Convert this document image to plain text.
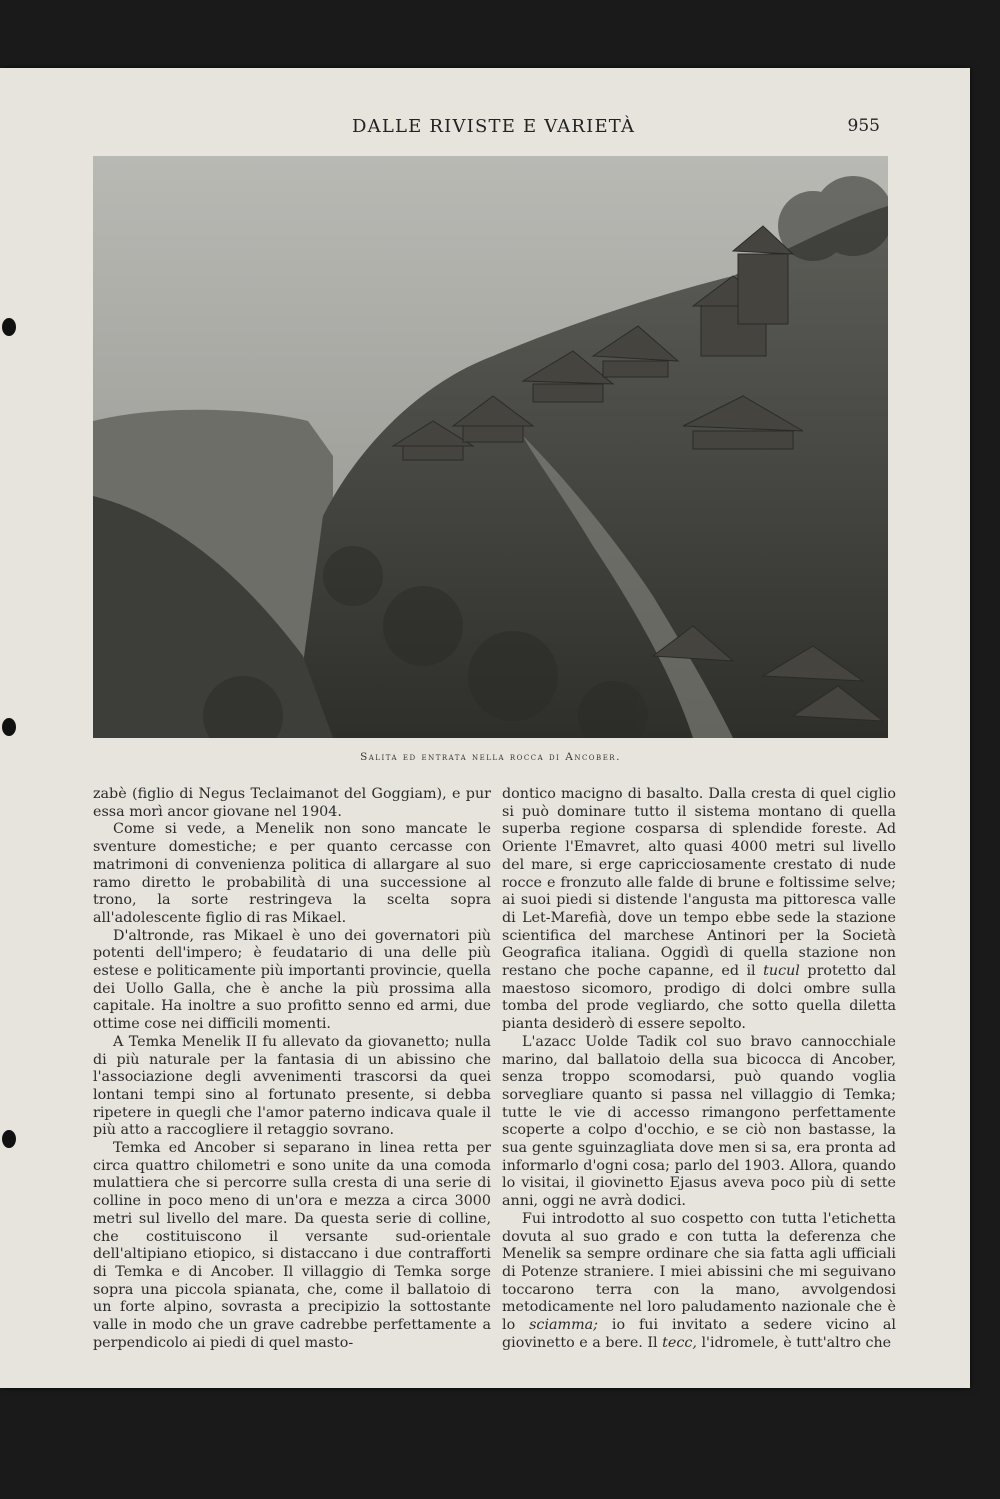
DALLE RIVISTE E VARIETÀ	955
Salita ed entrata nella rocca di Ancober.

zabè (figlio di Negus Teclaimanot del Goggiam), e pur essa morì ancor giovane nel 1904.

Come si vede, a Menelik non sono mancate le sventure domestiche; e per quanto cercasse con matrimoni di convenienza politica di allargare al suo ramo diretto le probabilità di una successione al trono, la sorte restringeva la scelta sopra all'adolescente figlio di ras Mikael.

D'altronde, ras Mikael è uno dei governatori più potenti dell'impero; è feudatario di una delle più estese e politicamente più importanti provincie, quella dei Uollo Galla, che è anche la più prossima alla capitale. Ha inoltre a suo profitto senno ed armi, due ottime cose nei difficili momenti.

A Temka Menelik II fu allevato da giovanetto; nulla di più naturale per la fantasia di un abissino che l'associazione degli avvenimenti trascorsi da quei lontani tempi sino al fortunato presente, si debba ripetere in quegli che l'amor paterno indicava quale il più atto a raccogliere il retaggio sovrano.

Temka ed Ancober si separano in linea retta per circa quattro chilometri e sono unite da una comoda mulattiera che si percorre sulla cresta di una serie di colline in poco meno di un'ora e mezza a circa 3000 metri sul livello del mare. Da questa serie di colline, che costituiscono il versante sud-orientale dell'altipiano etiopico, si distaccano i due contrafforti di Temka e di Ancober. Il villaggio di Temka sorge sopra una piccola spianata, che, come il ballatoio di un forte alpino, sovrasta a precipizio la sottostante valle in modo che un grave cadrebbe perfettamente a perpendicolo ai piedi di quel masto-

dontico macigno di basalto. Dalla cresta di quel ciglio si può dominare tutto il sistema montano di quella superba regione cosparsa di splendide foreste. Ad Oriente l'Emavret, alto quasi 4000 metri sul livello del mare, si erge capricciosamente crestato di nude rocce e fronzuto alle falde di brune e foltissime selve; ai suoi piedi si distende l'angusta ma pittoresca valle di Let-Marefià, dove un tempo ebbe sede la stazione scientifica del marchese Antinori per la Società Geografica italiana. Oggidì di quella stazione non restano che poche capanne, ed il tucul protetto dal maestoso sicomoro, prodigo di dolci ombre sulla tomba del prode vegliardo, che sotto quella diletta pianta desiderò di essere sepolto.

L'azacc Uolde Tadik col suo bravo cannocchiale marino, dal ballatoio della sua bicocca di Ancober, senza troppo scomodarsi, può quando voglia sorvegliare quanto si passa nel villaggio di Temka; tutte le vie di accesso rimangono perfettamente scoperte a colpo d'occhio, e se ciò non bastasse, la sua gente sguinzagliata dove men si sa, era pronta ad informarlo d'ogni cosa; parlo del 1903. Allora, quando lo visitai, il giovinetto Ejasus aveva poco più di sette anni, oggi ne avrà dodici.

Fui introdotto al suo cospetto con tutta l'etichetta dovuta al suo grado e con tutta la deferenza che Menelik sa sempre ordinare che sia fatta agli ufficiali di Potenze straniere. I miei abissini che mi seguivano toccarono terra con la mano, avvolgendosi metodicamente nel loro paludamento nazionale che è lo sciamma; io fui invitato a sedere vicino al giovinetto e a bere. Il tecc, l'idromele, è tutt'altro che
